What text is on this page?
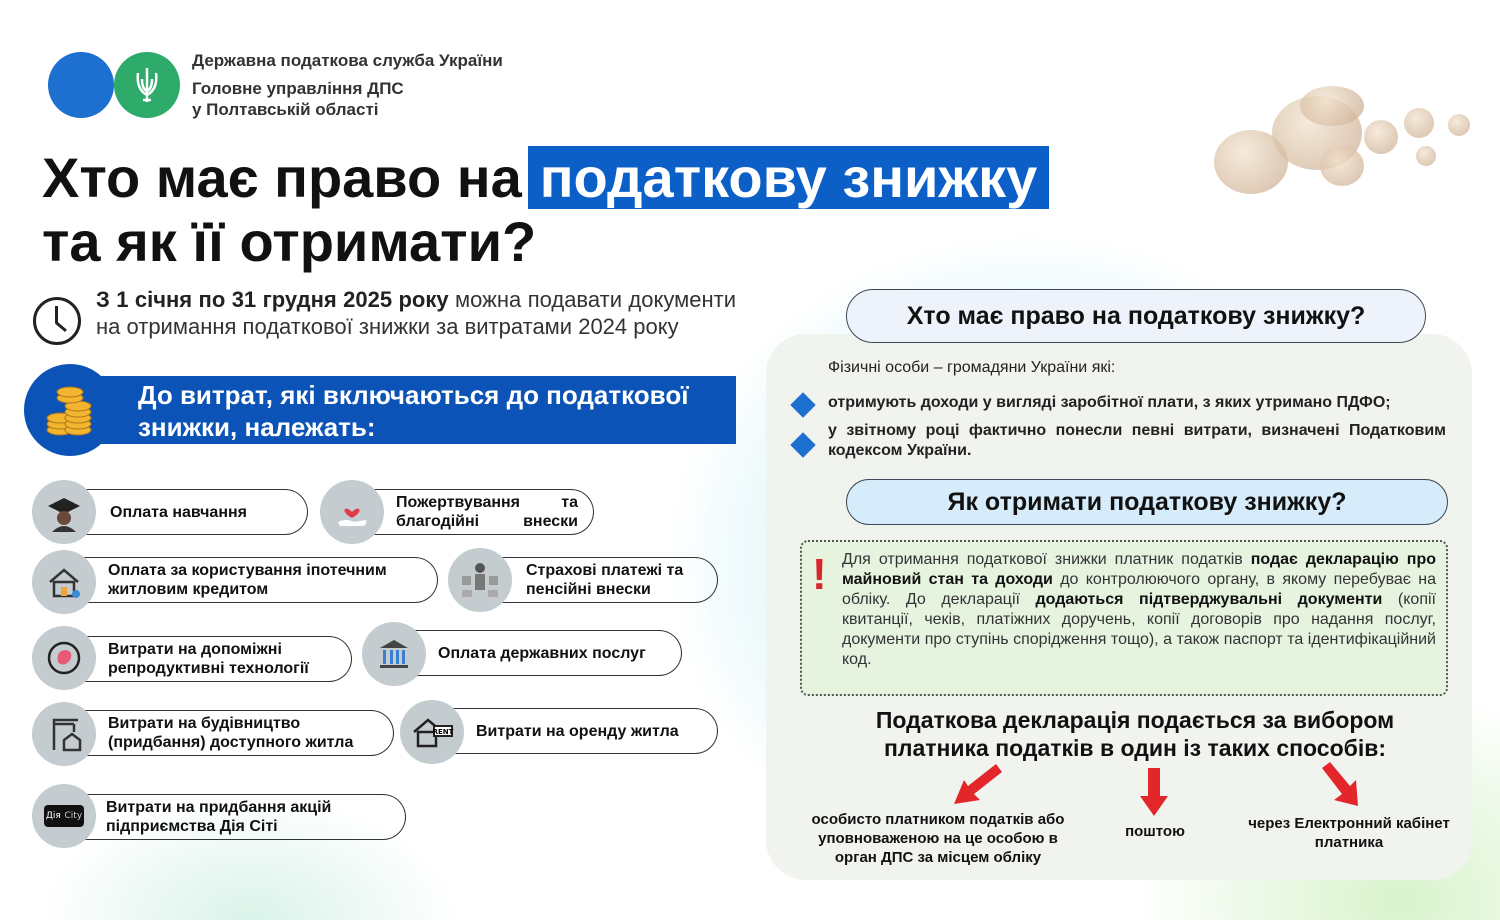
Державна податкова служба України
Головне управління ДПС
у Полтавській області
Хто має право на податкову знижку
та як її отримати?
З 1 січня по 31 грудня 2025 року можна подавати документи на отримання податкової знижки за витратами 2024 року
До витрат, які включаються до податкової знижки, належать:
Оплата навчання
Пожертвування та благодійні внески
Оплата за користування іпотечним житловим кредитом
Страхові платежі та пенсійні внески
Витрати на допоміжні репродуктивні технології
Оплата державних послуг
Витрати на будівництво (придбання) доступного житла
Витрати на оренду житла
RENT
Витрати на придбання акцій підприємства Дія Сіті
Дія City
Хто має право на податкову знижку?
Фізичні особи – громадяни України які:
отримують доходи у вигляді заробітної плати, з яких утримано ПДФО;
у звітному році фактично понесли певні витрати, визначені Податковим кодексом України.
Як отримати податкову знижку?
! Для отримання податкової знижки платник податків подає декларацію про майновий стан та доходи до контролюючого органу, в якому перебуває на обліку. До декларації додаються підтверджувальні документи (копії квитанції, чеків, платіжних доручень, копії договорів про надання послуг, документи про ступінь спорідження тощо), а також паспорт та ідентифікаційний код.
Податкова декларація подається за вибором
платника податків в один із таких способів:
особисто платником податків або уповноваженою на це особою в орган ДПС за місцем обліку
поштою	через Електронний кабінет платника
